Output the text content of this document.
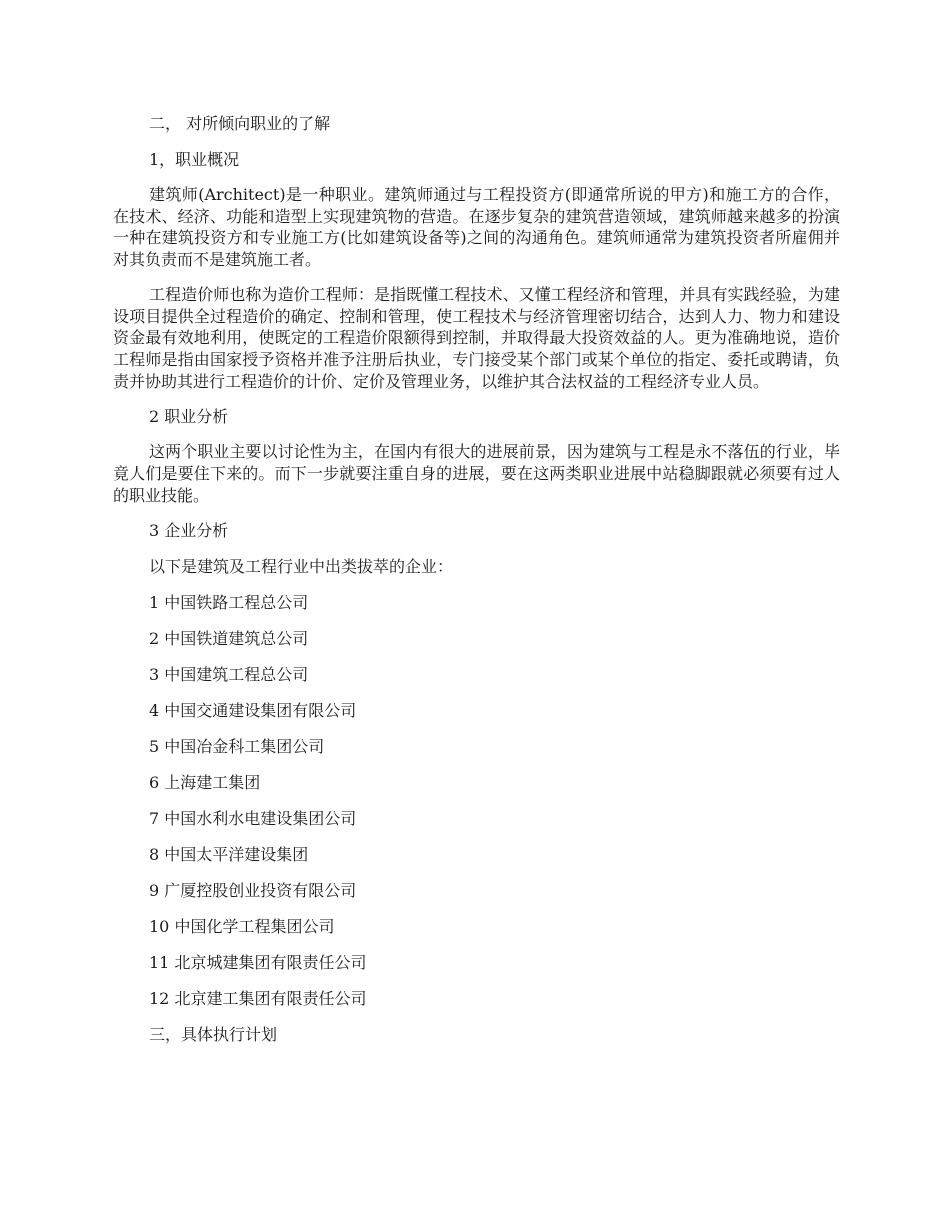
二， 对所倾向职业的了解

1，职业概况

建筑师(Architect)是一种职业。建筑师通过与工程投资方(即通常所说的甲方)和施工方的合作，在技术、经济、功能和造型上实现建筑物的营造。在逐步复杂的建筑营造领域，建筑师越来越多的扮演一种在建筑投资方和专业施工方(比如建筑设备等)之间的沟通角色。建筑师通常为建筑投资者所雇佣并对其负责而不是建筑施工者。

工程造价师也称为造价工程师：是指既懂工程技术、又懂工程经济和管理，并具有实践经验，为建设项目提供全过程造价的确定、控制和管理，使工程技术与经济管理密切结合，达到人力、物力和建设资金最有效地利用，使既定的工程造价限额得到控制，并取得最大投资效益的人。更为准确地说，造价工程师是指由国家授予资格并准予注册后执业，专门接受某个部门或某个单位的指定、委托或聘请，负责并协助其进行工程造价的计价、定价及管理业务，以维护其合法权益的工程经济专业人员。

2 职业分析

这两个职业主要以讨论性为主，在国内有很大的进展前景，因为建筑与工程是永不落伍的行业，毕竟人们是要住下来的。而下一步就要注重自身的进展，要在这两类职业进展中站稳脚跟就必须要有过人的职业技能。

3 企业分析

以下是建筑及工程行业中出类拔萃的企业：

1 中国铁路工程总公司

2 中国铁道建筑总公司

3 中国建筑工程总公司

4 中国交通建设集团有限公司

5 中国冶金科工集团公司

6 上海建工集团

7 中国水利水电建设集团公司

8 中国太平洋建设集团

9 广厦控股创业投资有限公司

10 中国化学工程集团公司

11 北京城建集团有限责任公司

12 北京建工集团有限责任公司

三，具体执行计划
